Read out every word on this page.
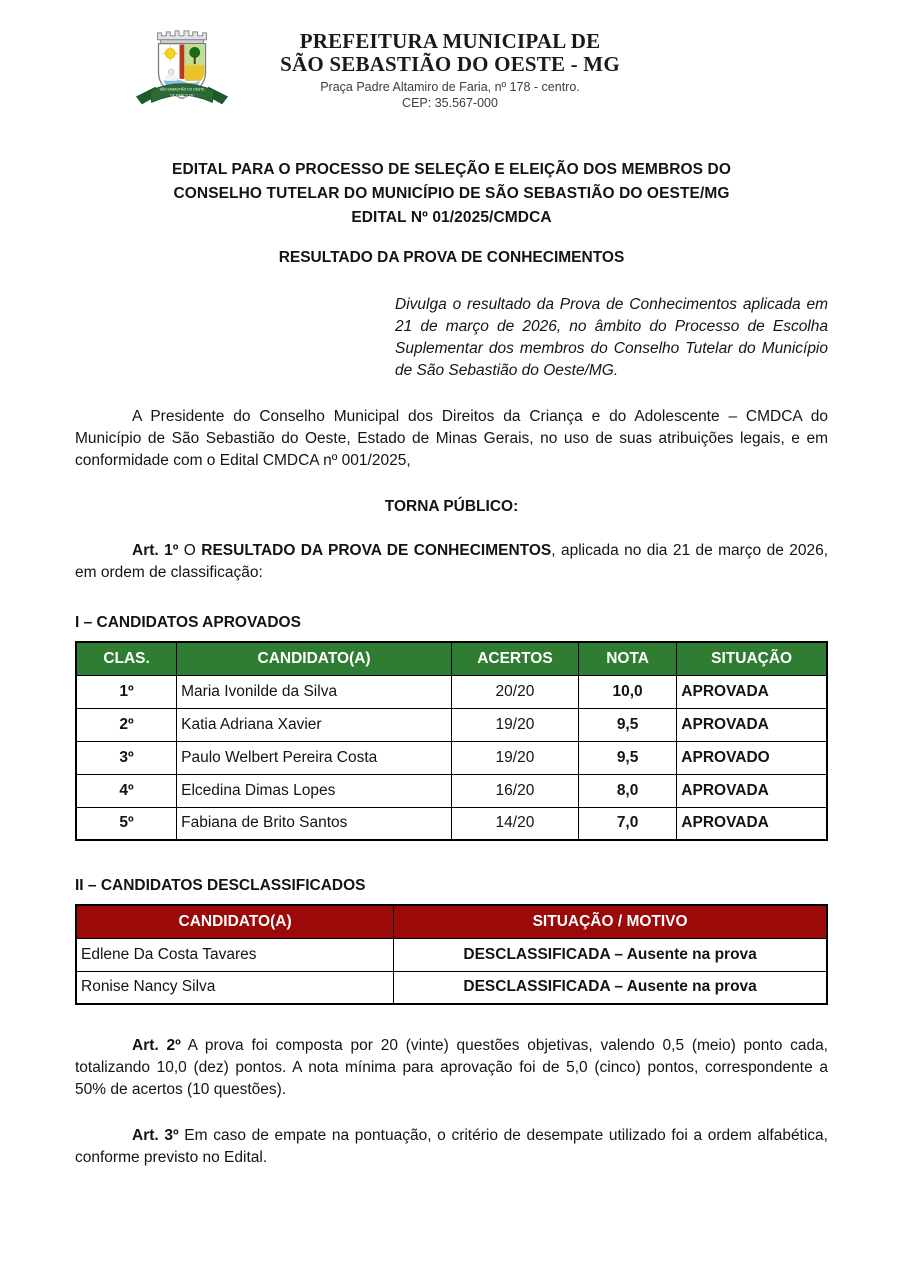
SÃO SEBASTIÃO DO OESTE
DE MARÇO DE
PREFEITURA MUNICIPAL DE
SÃO SEBASTIÃO DO OESTE - MG
Praça Padre Altamiro de Faria, nº 178 - centro.
CEP: 35.567-000
EDITAL PARA O PROCESSO DE SELEÇÃO E ELEIÇÃO DOS MEMBROS DO
CONSELHO TUTELAR DO MUNICÍPIO DE SÃO SEBASTIÃO DO OESTE/MG
EDITAL Nº 01/2025/CMDCA
RESULTADO DA PROVA DE CONHECIMENTOS
Divulga o resultado da Prova de Conhecimentos aplicada em 21 de março de 2026, no âmbito do Processo de Escolha Suplementar dos membros do Conselho Tutelar do Município de São Sebastião do Oeste/MG.
A Presidente do Conselho Municipal dos Direitos da Criança e do Adolescente – CMDCA do Município de São Sebastião do Oeste, Estado de Minas Gerais, no uso de suas atribuições legais, e em conformidade com o Edital CMDCA nº 001/2025,
TORNA PÚBLICO:
Art. 1º O RESULTADO DA PROVA DE CONHECIMENTOS, aplicada no dia 21 de março de 2026, em ordem de classificação:
I – CANDIDATOS APROVADOS
CLAS.	CANDIDATO(A)	ACERTOS	NOTA	SITUAÇÃO
1º	Maria Ivonilde da Silva	20/20	10,0	APROVADA
2º	Katia Adriana Xavier	19/20	9,5	APROVADA
3º	Paulo Welbert Pereira Costa	19/20	9,5	APROVADO
4º	Elcedina Dimas Lopes	16/20	8,0	APROVADA
5º	Fabiana de Brito Santos	14/20	7,0	APROVADA
II – CANDIDATOS DESCLASSIFICADOS
CANDIDATO(A)	SITUAÇÃO / MOTIVO
Edlene Da Costa Tavares	DESCLASSIFICADA – Ausente na prova
Ronise Nancy Silva	DESCLASSIFICADA – Ausente na prova
Art. 2º A prova foi composta por 20 (vinte) questões objetivas, valendo 0,5 (meio) ponto cada, totalizando 10,0 (dez) pontos. A nota mínima para aprovação foi de 5,0 (cinco) pontos, correspondente a 50% de acertos (10 questões).
Art. 3º Em caso de empate na pontuação, o critério de desempate utilizado foi a ordem alfabética, conforme previsto no Edital.
